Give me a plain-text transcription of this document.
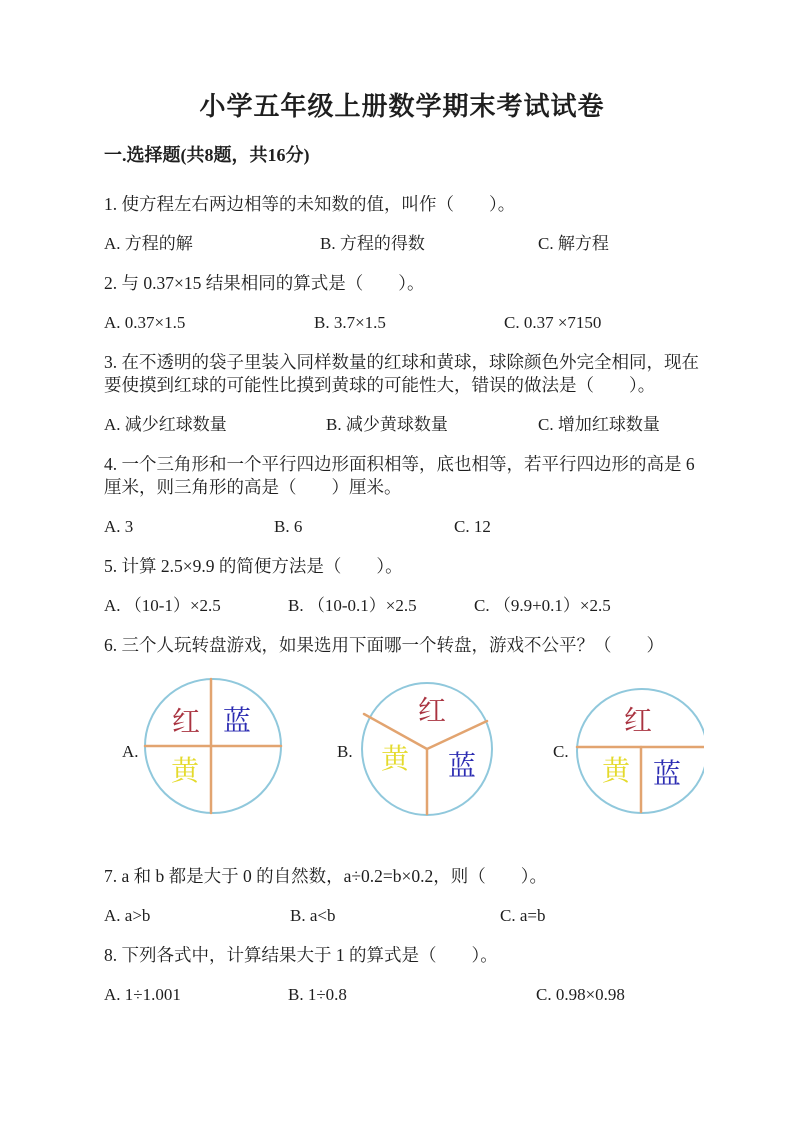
小学五年级上册数学期末考试试卷
一.选择题(共8题，共16分)

1. 使方程左右两边相等的未知数的值，叫作（　　）。

A. 方程的解	B. 方程的得数	C. 解方程

2. 与 0.37×15 结果相同的算式是（　　）。

A. 0.37×1.5	B. 3.7×1.5	C. 0.37 ×7150

3. 在不透明的袋子里装入同样数量的红球和黄球，球除颜色外完全相同，现在要使摸到红球的可能性比摸到黄球的可能性大，错误的做法是（　　）。

A. 减少红球数量	B. 减少黄球数量	C. 增加红球数量

4. 一个三角形和一个平行四边形面积相等，底也相等，若平行四边形的高是 6 厘米，则三角形的高是（　　）厘米。

A. 3	B. 6	C. 12

5. 计算 2.5×9.9 的简便方法是（　　）。

A. （10-1）×2.5	B. （10-0.1）×2.5	C. （9.9+0.1）×2.5

6. 三个人玩转盘游戏，如果选用下面哪一个转盘，游戏不公平？（　　）

A.
红 蓝
黄
B.
红
黄 蓝	C.
红
黄 蓝

7. a 和 b 都是大于 0 的自然数，a÷0.2=b×0.2，则（　　）。

A. a>b	B. a<b	C. a=b

8. 下列各式中，计算结果大于 1 的算式是（　　）。

A. 1÷1.001	B. 1÷0.8	C. 0.98×0.98
